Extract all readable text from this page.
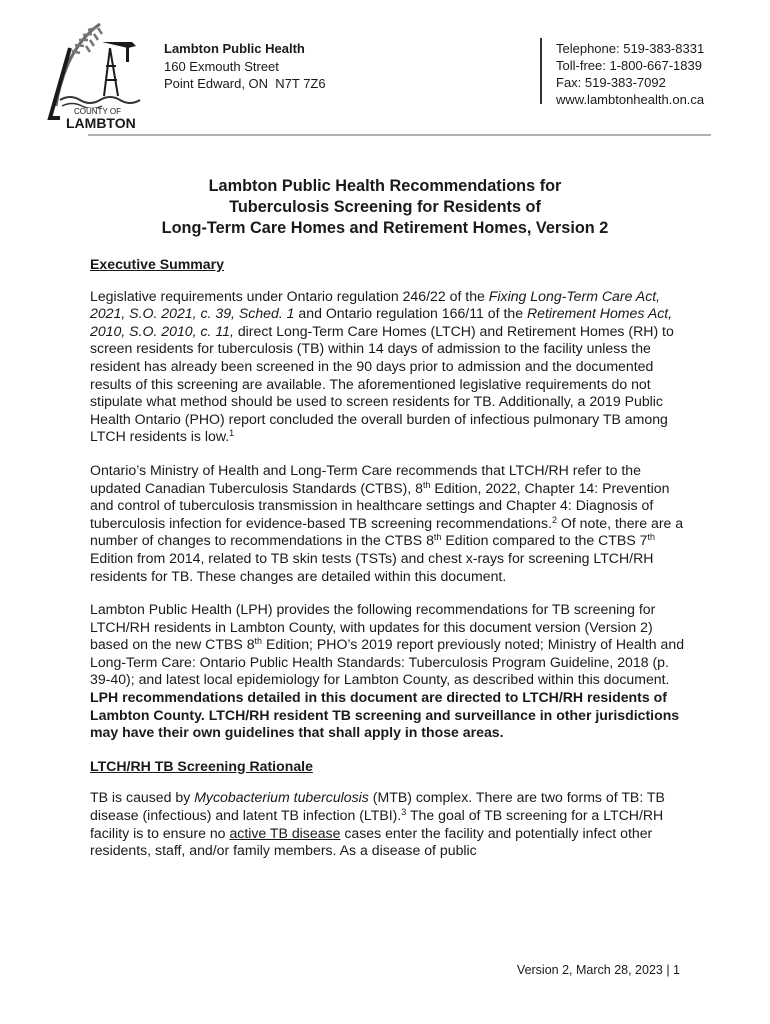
COUNTY OF
LAMBTON
Lambton Public Health
160 Exmouth Street
Point Edward, ON  N7T 7Z6
Telephone: 519-383-8331
Toll-free: 1-800-667-1839
Fax: 519-383-7092
www.lambtonhealth.on.ca
Lambton Public Health Recommendations for
Tuberculosis Screening for Residents of
Long-Term Care Homes and Retirement Homes, Version 2
Executive Summary

Legislative requirements under Ontario regulation 246/22 of the Fixing Long-Term Care Act, 2021, S.O. 2021, c. 39, Sched. 1 and Ontario regulation 166/11 of the Retirement Homes Act, 2010, S.O. 2010, c. 11, direct Long-Term Care Homes (LTCH) and Retirement Homes (RH) to screen residents for tuberculosis (TB) within 14 days of admission to the facility unless the resident has already been screened in the 90 days prior to admission and the documented results of this screening are available. The aforementioned legislative requirements do not stipulate what method should be used to screen residents for TB. Additionally, a 2019 Public Health Ontario (PHO) report concluded the overall burden of infectious pulmonary TB among LTCH residents is low.$^1$

Ontario’s Ministry of Health and Long-Term Care recommends that LTCH/RH refer to the updated Canadian Tuberculosis Standards (CTBS), 8th Edition, 2022, Chapter 14: Prevention and control of tuberculosis transmission in healthcare settings and Chapter 4: Diagnosis of tuberculosis infection for evidence-based TB screening recommendations.$^2$ Of note, there are a number of changes to recommendations in the CTBS 8th Edition compared to the CTBS 7th Edition from 2014, related to TB skin tests (TSTs) and chest x-rays for screening LTCH/RH residents for TB. These changes are detailed within this document.

Lambton Public Health (LPH) provides the following recommendations for TB screening for LTCH/RH residents in Lambton County, with updates for this document version (Version 2) based on the new CTBS 8th Edition; PHO’s 2019 report previously noted; Ministry of Health and Long-Term Care: Ontario Public Health Standards: Tuberculosis Program Guideline, 2018 (p. 39-40); and latest local epidemiology for Lambton County, as described within this document. LPH recommendations detailed in this document are directed to LTCH/RH residents of Lambton County. LTCH/RH resident TB screening and surveillance in other jurisdictions may have their own guidelines that shall apply in those areas.

LTCH/RH TB Screening Rationale

TB is caused by Mycobacterium tuberculosis (MTB) complex. There are two forms of TB: TB disease (infectious) and latent TB infection (LTBI).$^3$ The goal of TB screening for a LTCH/RH facility is to ensure no active TB disease cases enter the facility and potentially infect other residents, staff, and/or family members. As a disease of public

Version 2, March 28, 2023 | 1
